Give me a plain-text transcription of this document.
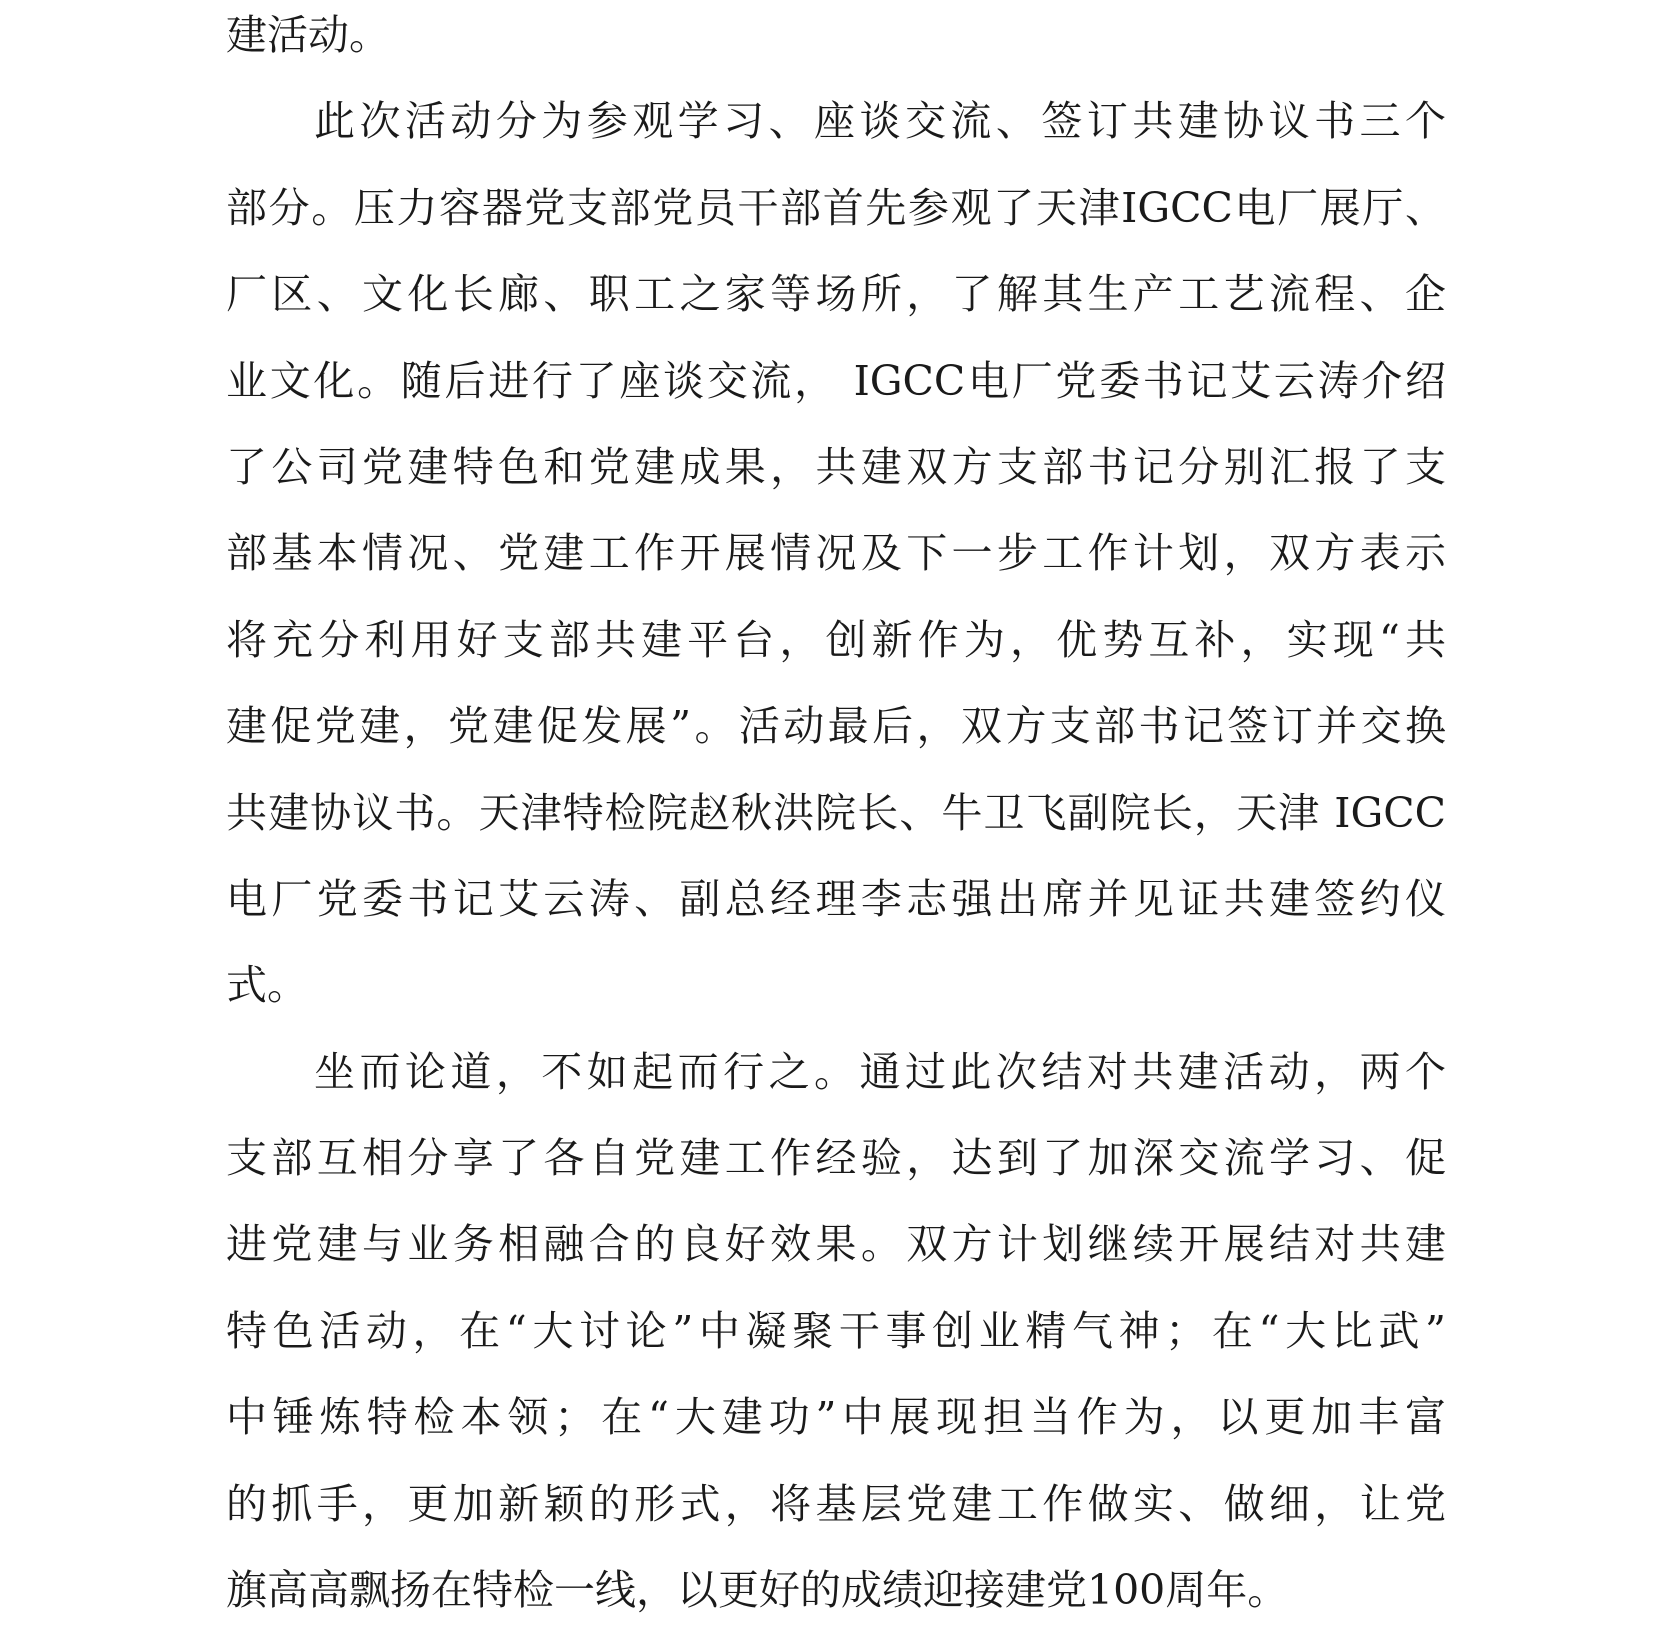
建活动。
此次活动分为参观学习、座谈交流、签订共建协议书三个
部分。压力容器党支部党员干部首先参观了天津IGCC电厂展厅、
厂区、文化长廊、职工之家等场所，了解其生产工艺流程、企
业文化。随后进行了座谈交流， IGCC电厂党委书记艾云涛介绍
了公司党建特色和党建成果，共建双方支部书记分别汇报了支
部基本情况、党建工作开展情况及下一步工作计划，双方表示
将充分利用好支部共建平台，创新作为，优势互补，实现“共
建促党建，党建促发展”。活动最后，双方支部书记签订并交换
共建协议书。天津特检院赵秋洪院长、牛卫飞副院长，天津 IGCC
电厂党委书记艾云涛、副总经理李志强出席并见证共建签约仪
式。
坐而论道，不如起而行之。通过此次结对共建活动，两个
支部互相分享了各自党建工作经验，达到了加深交流学习、促
进党建与业务相融合的良好效果。双方计划继续开展结对共建
特色活动，在“大讨论”中凝聚干事创业精气神；在“大比武”
中锤炼特检本领；在“大建功”中展现担当作为，以更加丰富
的抓手，更加新颖的形式，将基层党建工作做实、做细，让党
旗高高飘扬在特检一线，以更好的成绩迎接建党100周年。
